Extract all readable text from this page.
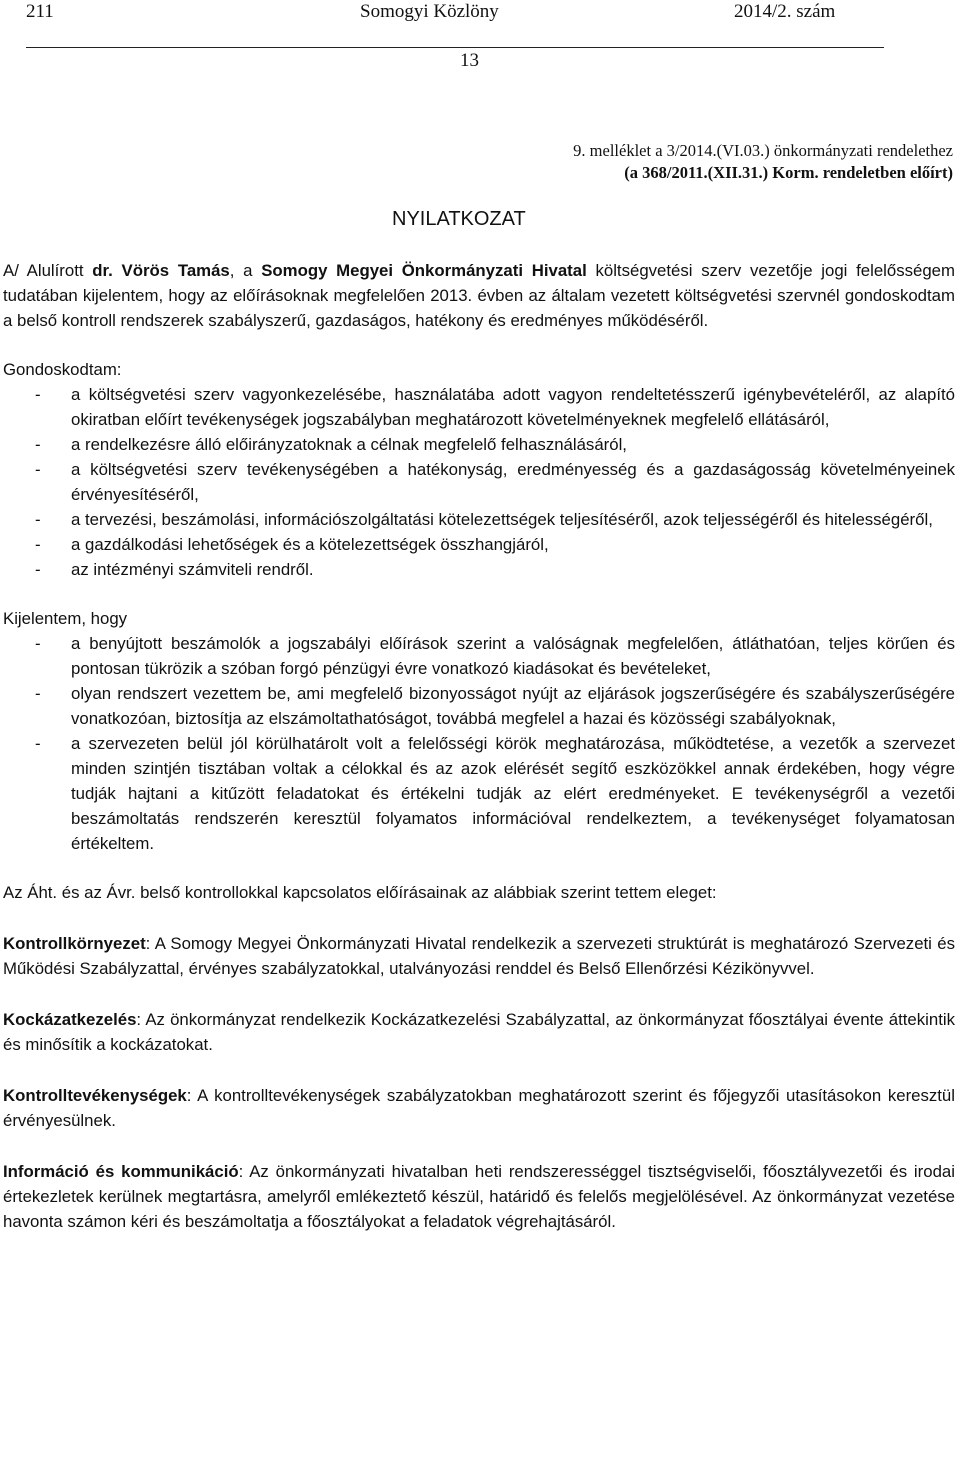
211	Somogyi Közlöny	2014/2. szám
13
9. melléklet a 3/2014.(VI.03.) önkormányzati rendelethez
(a 368/2011.(XII.31.) Korm. rendeletben előírt)
NYILATKOZAT

A/ Alulírott dr. Vörös Tamás, a Somogy Megyei Önkormányzati Hivatal költségvetési szerv vezetője jogi felelősségem tudatában kijelentem, hogy az előírásoknak megfelelően 2013. évben az általam vezetett költségvetési szervnél gondoskodtam a belső kontroll rendszerek szabályszerű, gazdaságos, hatékony és eredményes működéséről.

Gondoskodtam:

- a költségvetési szerv vagyonkezelésébe, használatába adott vagyon rendeltetésszerű igénybevételéről, az alapító okiratban előírt tevékenységek jogszabályban meghatározott követelményeknek megfelelő ellátásáról,
- a rendelkezésre álló előirányzatoknak a célnak megfelelő felhasználásáról,
- a költségvetési szerv tevékenységében a hatékonyság, eredményesség és a gazdaságosság követelményeinek érvényesítéséről,
- a tervezési, beszámolási, információszolgáltatási kötelezettségek teljesítéséről, azok teljességéről és hitelességéről,
- a gazdálkodási lehetőségek és a kötelezettségek összhangjáról,
- az intézményi számviteli rendről.

Kijelentem, hogy

- a benyújtott beszámolók a jogszabályi előírások szerint a valóságnak megfelelően, átláthatóan, teljes körűen és pontosan tükrözik a szóban forgó pénzügyi évre vonatkozó kiadásokat és bevételeket,
- olyan rendszert vezettem be, ami megfelelő bizonyosságot nyújt az eljárások jogszerűségére és szabályszerűségére vonatkozóan, biztosítja az elszámoltathatóságot, továbbá megfelel a hazai és közösségi szabályoknak,
- a szervezeten belül jól körülhatárolt volt a felelősségi körök meghatározása, működtetése, a vezetők a szervezet minden szintjén tisztában voltak a célokkal és az azok elérését segítő eszközökkel annak érdekében, hogy végre tudják hajtani a kitűzött feladatokat és értékelni tudják az elért eredményeket. E tevékenységről a vezetői beszámoltatás rendszerén keresztül folyamatos információval rendelkeztem, a tevékenységet folyamatosan értékeltem.

Az Áht. és az Ávr. belső kontrollokkal kapcsolatos előírásainak az alábbiak szerint tettem eleget:

Kontrollkörnyezet: A Somogy Megyei Önkormányzati Hivatal rendelkezik a szervezeti struktúrát is meghatározó Szervezeti és Működési Szabályzattal, érvényes szabályzatokkal, utalványozási renddel és Belső Ellenőrzési Kézikönyvvel.

Kockázatkezelés: Az önkormányzat rendelkezik Kockázatkezelési Szabályzattal, az önkormányzat főosztályai évente áttekintik és minősítik a kockázatokat.

Kontrolltevékenységek: A kontrolltevékenységek szabályzatokban meghatározott szerint és főjegyzői utasításokon keresztül érvényesülnek.

Információ és kommunikáció: Az önkormányzati hivatalban heti rendszerességgel tisztségviselői, főosztályvezetői és irodai értekezletek kerülnek megtartásra, amelyről emlékeztető készül, határidő és felelős megjelölésével. Az önkormányzat vezetése havonta számon kéri és beszámoltatja a főosztályokat a feladatok végrehajtásáról.
